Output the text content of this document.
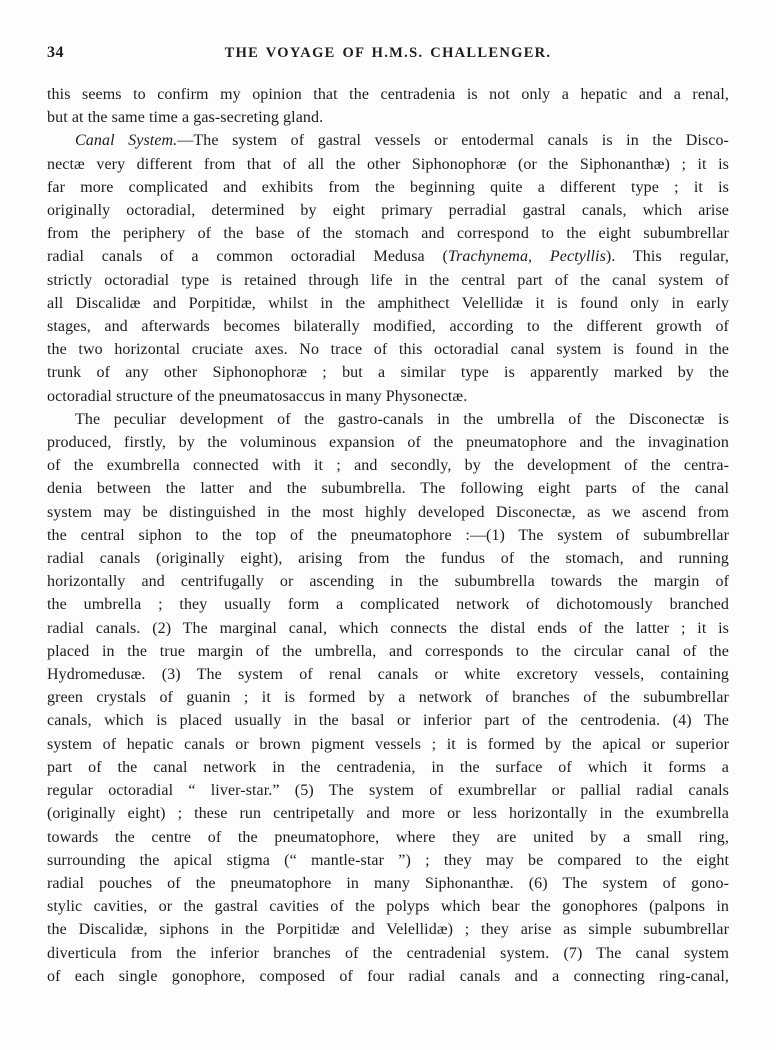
34	THE VOYAGE OF H.M.S. CHALLENGER.
this seems to confirm my opinion that the centradenia is not only a hepatic and a renal,
but at the same time a gas-secreting gland.
Canal System.—The system of gastral vessels or entodermal canals is in the Disco-
nectæ very different from that of all the other Siphonophoræ (or the Siphonanthæ) ; it is
far more complicated and exhibits from the beginning quite a different type ; it is
originally octoradial, determined by eight primary perradial gastral canals, which arise
from the periphery of the base of the stomach and correspond to the eight subumbrellar
radial canals of a common octoradial Medusa (Trachynema, Pectyllis). This regular,
strictly octoradial type is retained through life in the central part of the canal system of
all Discalidæ and Porpitidæ, whilst in the amphithect Velellidæ it is found only in early
stages, and afterwards becomes bilaterally modified, according to the different growth of
the two horizontal cruciate axes. No trace of this octoradial canal system is found in the
trunk of any other Siphonophoræ ; but a similar type is apparently marked by the
octoradial structure of the pneumatosaccus in many Physonectæ.
The peculiar development of the gastro-canals in the umbrella of the Disconectæ is
produced, firstly, by the voluminous expansion of the pneumatophore and the invagination
of the exumbrella connected with it ; and secondly, by the development of the centra-
denia between the latter and the subumbrella. The following eight parts of the canal
system may be distinguished in the most highly developed Disconectæ, as we ascend from
the central siphon to the top of the pneumatophore :—(1) The system of subumbrellar
radial canals (originally eight), arising from the fundus of the stomach, and running
horizontally and centrifugally or ascending in the subumbrella towards the margin of
the umbrella ; they usually form a complicated network of dichotomously branched
radial canals. (2) The marginal canal, which connects the distal ends of the latter ; it is
placed in the true margin of the umbrella, and corresponds to the circular canal of the
Hydromedusæ. (3) The system of renal canals or white excretory vessels, containing
green crystals of guanin ; it is formed by a network of branches of the subumbrellar
canals, which is placed usually in the basal or inferior part of the centrodenia. (4) The
system of hepatic canals or brown pigment vessels ; it is formed by the apical or superior
part of the canal network in the centradenia, in the surface of which it forms a
regular octoradial “ liver-star.” (5) The system of exumbrellar or pallial radial canals
(originally eight) ; these run centripetally and more or less horizontally in the exumbrella
towards the centre of the pneumatophore, where they are united by a small ring,
surrounding the apical stigma (“ mantle-star ”) ; they may be compared to the eight
radial pouches of the pneumatophore in many Siphonanthæ. (6) The system of gono-
stylic cavities, or the gastral cavities of the polyps which bear the gonophores (palpons in
the Discalidæ, siphons in the Porpitidæ and Velellidæ) ; they arise as simple subumbrellar
diverticula from the inferior branches of the centradenial system. (7) The canal system
of each single gonophore, composed of four radial canals and a connecting ring-canal,
